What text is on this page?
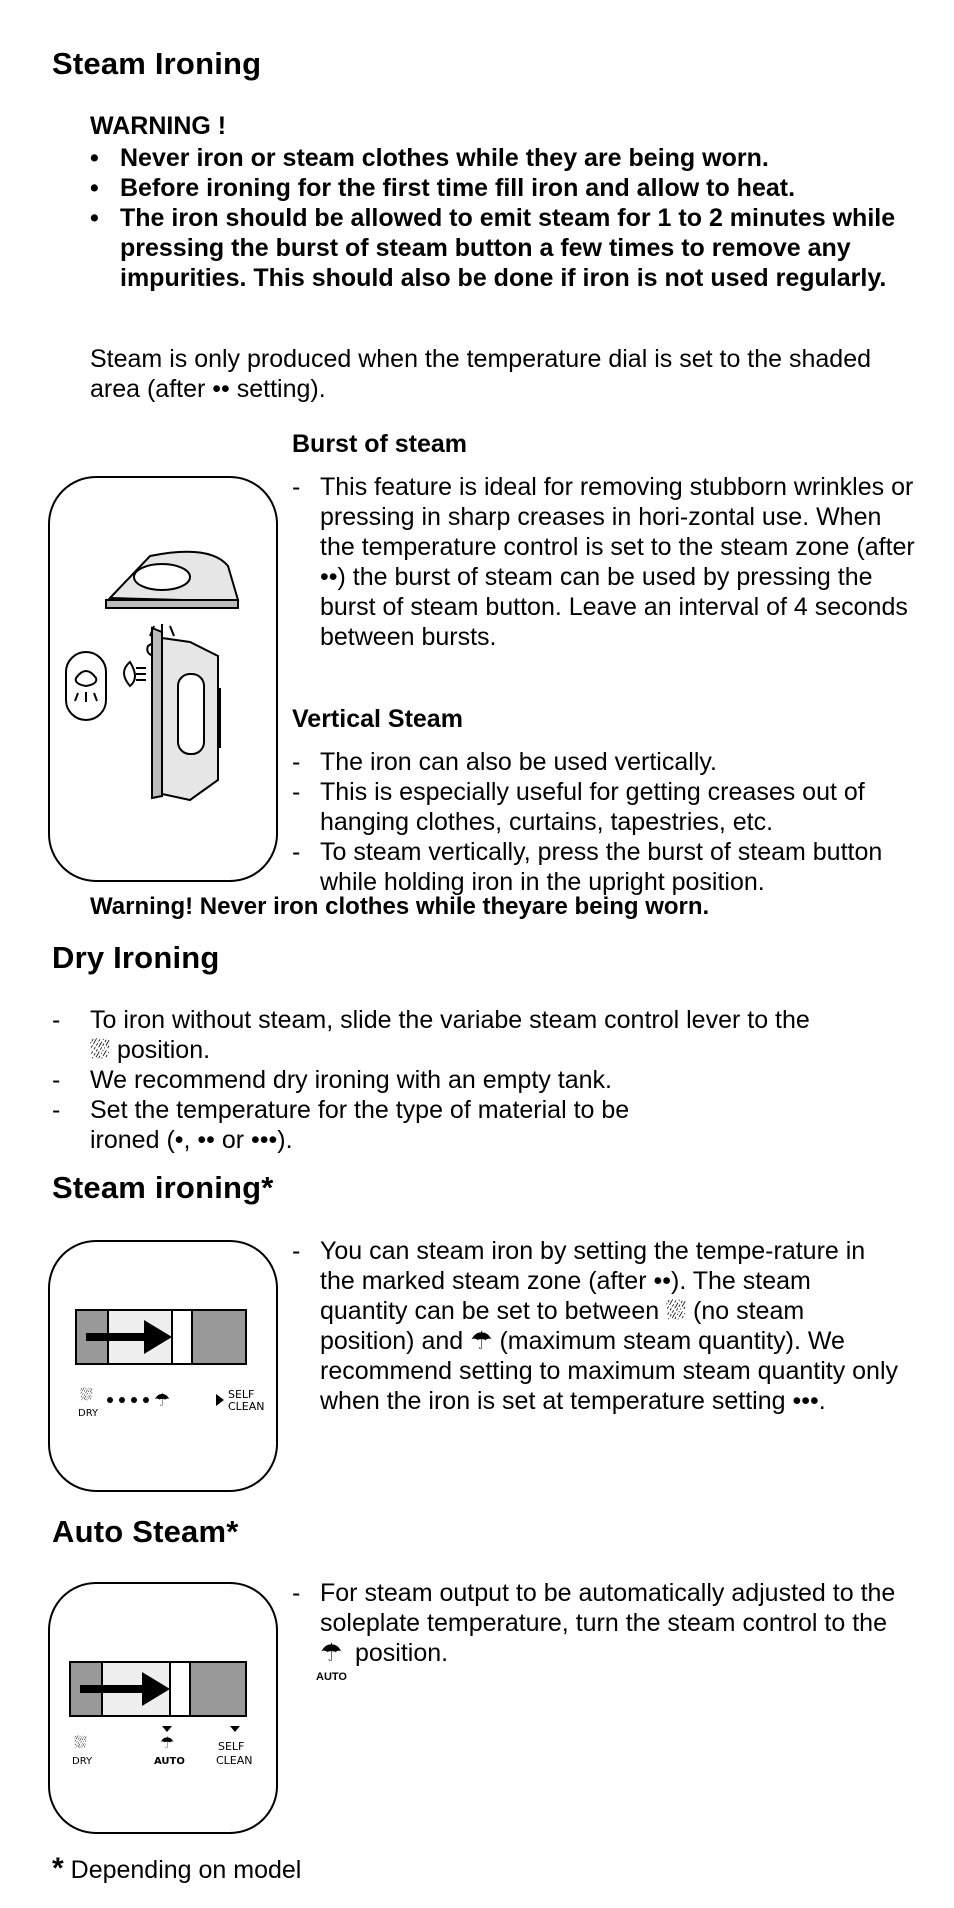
Steam Ironing
WARNING !
• Never iron or steam clothes while they are being worn.
• Before ironing for the first time fill iron and allow to heat.
• The iron should be allowed to emit steam for 1 to 2 minutes while pressing the burst of steam button a few times to remove any impurities. This should also be done if iron is not used regularly.
Steam is only produced when the temperature dial is set to the shaded area (after •• setting).
Burst of steam
- This feature is ideal for removing stubborn wrinkles or pressing in sharp creases in hori-zontal use. When the temperature control is set to the steam zone (after ••) the burst of steam can be used by pressing the burst of steam button. Leave an interval of 4 seconds between bursts.
Vertical Steam
- The iron can also be used vertically.
- This is especially useful for getting creases out of hanging clothes, curtains, tapestries, etc.
- To steam vertically, press the burst of steam button while holding iron in the upright position.
Warning! Never iron clothes while theyare being worn.
Dry Ironing
- To iron without steam, slide the variabe steam control lever to the ⛆ position.
- We recommend dry ironing with an empty tank.
- Set the temperature for the type of material to be ironed (•, •• or •••).
Steam ironing*
⛆
DRY
☂	SELF
CLEAN
- You can steam iron by setting the tempe-rature in the marked steam zone (after ••). The steam quantity can be set to between ⛆ (no steam position) and ☂ (maximum steam quantity). We recommend setting to maximum steam quantity only when the iron is set at temperature setting •••.
Auto Steam*
⛆
DRY
☂
AUTO
SELF
CLEAN
- For steam output to be automatically adjusted to the soleplate temperature, turn the steam control to the ☂
AUTO
position.
* Depending on model
